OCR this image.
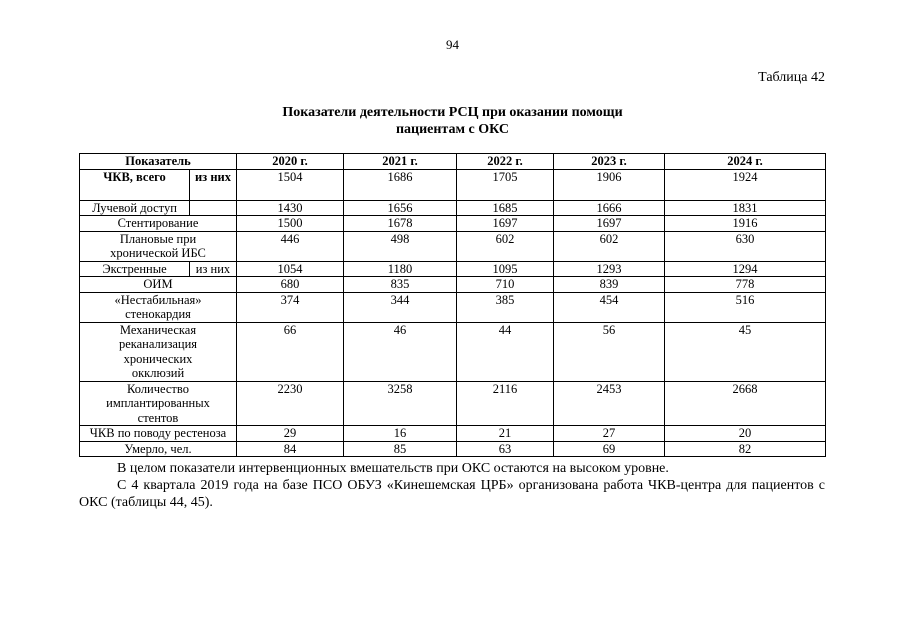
94
Таблица 42
Показатели деятельности РСЦ при оказании помощи
пациентам с ОКС
Показатель		2020 г.	2021 г.	2022 г.	2023 г.	2024 г.
ЧКВ, всего	из них	1504	1686	1705	1906	1924
Лучевой доступ		1430	1656	1685	1666	1831
Стентирование		1500	1678	1697	1697	1916
Плановые при хронической ИБС		446	498	602	602	630
Экстренные	из них	1054	1180	1095	1293	1294
ОИМ		680	835	710	839	778
«Нестабильная» стенокардия		374	344	385	454	516
Механическая реканализация хронических окклюзий		66	46	44	56	45
Количество имплантированных стентов		2230	3258	2116	2453	2668
ЧКВ по поводу рестеноза		29	16	21	27	20
Умерло, чел.		84	85	63	69	82
В целом показатели интервенционных вмешательств при ОКС остаются на высоком уровне.
С 4 квартала 2019 года на базе ПСО ОБУЗ «Кинешемская ЦРБ» организована работа ЧКВ-центра для пациентов с ОКС (таблицы 44, 45).
